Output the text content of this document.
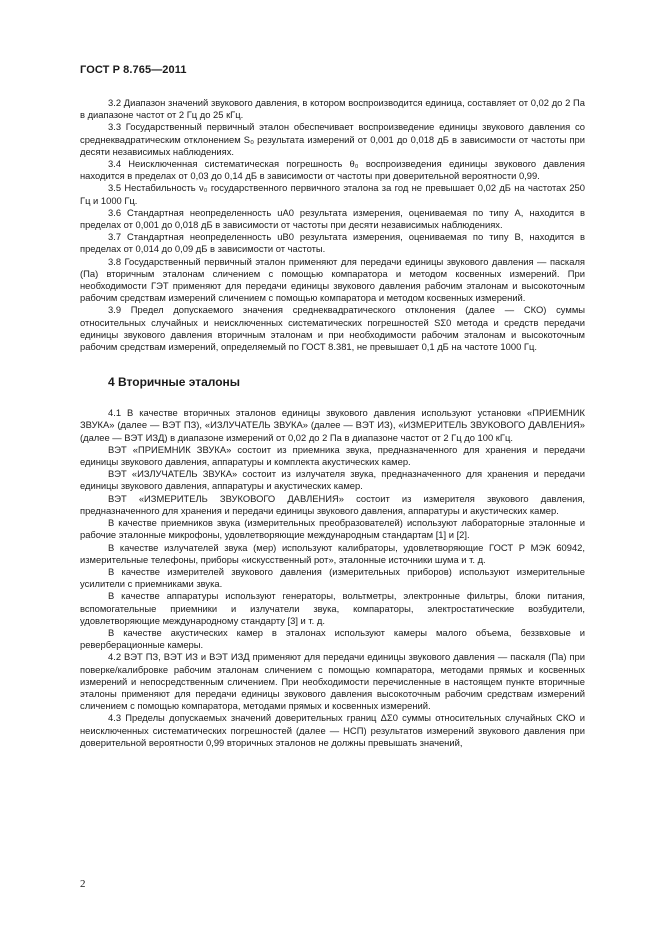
ГОСТ Р 8.765—2011

3.2 Диапазон значений звукового давления, в котором воспроизводится единица, составляет от 0,02 до 2 Па в диапазоне частот от 2 Гц до 25 кГц.

3.3 Государственный первичный эталон обеспечивает воспроизведение единицы звукового давления со среднеквадратическим отклонением S₀ результата измерений от 0,001 до 0,018 дБ в зависимости от частоты при десяти независимых наблюдениях.

3.4 Неисключенная систематическая погрешность θ₀ воспроизведения единицы звукового давления находится в пределах от 0,03 до 0,14 дБ в зависимости от частоты при доверительной вероятности 0,99.

3.5 Нестабильность ν₀ государственного первичного эталона за год не превышает 0,02 дБ на частотах 250 Гц и 1000 Гц.

3.6 Стандартная неопределенность uA0 результата измерения, оцениваемая по типу А, находится в пределах от 0,001 до 0,018 дБ в зависимости от частоты при десяти независимых наблюдениях.

3.7 Стандартная неопределенность uB0 результата измерения, оцениваемая по типу В, находится в пределах от 0,014 до 0,09 дБ в зависимости от частоты.

3.8 Государственный первичный эталон применяют для передачи единицы звукового давления — паскаля (Па) вторичным эталонам сличением с помощью компаратора и методом косвенных измерений. При необходимости ГЭТ применяют для передачи единицы звукового давления рабочим эталонам и высокоточным рабочим средствам измерений сличением с помощью компаратора и методом косвенных измерений.

3.9 Предел допускаемого значения среднеквадратического отклонения (далее — СКО) суммы относительных случайных и неисключенных систематических погрешностей SΣ0 метода и средств передачи единицы звукового давления вторичным эталонам и при необходимости рабочим эталонам и высокоточным рабочим средствам измерений, определяемый по ГОСТ 8.381, не превышает 0,1 дБ на частоте 1000 Гц.

4 Вторичные эталоны

4.1 В качестве вторичных эталонов единицы звукового давления используют установки «ПРИЕМНИК ЗВУКА» (далее — ВЭТ ПЗ), «ИЗЛУЧАТЕЛЬ ЗВУКА» (далее — ВЭТ ИЗ), «ИЗМЕРИТЕЛЬ ЗВУКОВОГО ДАВЛЕНИЯ» (далее — ВЭТ ИЗД) в диапазоне измерений от 0,02 до 2 Па в диапазоне частот от 2 Гц до 100 кГц.

ВЭТ «ПРИЕМНИК ЗВУКА» состоит из приемника звука, предназначенного для хранения и передачи единицы звукового давления, аппаратуры и комплекта акустических камер.

ВЭТ «ИЗЛУЧАТЕЛЬ ЗВУКА» состоит из излучателя звука, предназначенного для хранения и передачи единицы звукового давления, аппаратуры и акустических камер.

ВЭТ «ИЗМЕРИТЕЛЬ ЗВУКОВОГО ДАВЛЕНИЯ» состоит из измерителя звукового давления, предназначенного для хранения и передачи единицы звукового давления, аппаратуры и акустических камер.

В качестве приемников звука (измерительных преобразователей) используют лабораторные эталонные и рабочие эталонные микрофоны, удовлетворяющие международным стандартам [1] и [2].

В качестве излучателей звука (мер) используют калибраторы, удовлетворяющие ГОСТ Р МЭК 60942, измерительные телефоны, приборы «искусственный рот», эталонные источники шума и т. д.

В качестве измерителей звукового давления (измерительных приборов) используют измерительные усилители с приемниками звука.

В качестве аппаратуры используют генераторы, вольтметры, электронные фильтры, блоки питания, вспомогательные приемники и излучатели звука, компараторы, электростатические возбудители, удовлетворяющие международному стандарту [3] и т. д.

В качестве акустических камер в эталонах используют камеры малого объема, беззвховые и реверберационные камеры.

4.2 ВЭТ ПЗ, ВЭТ ИЗ и ВЭТ ИЗД применяют для передачи единицы звукового давления — паскаля (Па) при поверке/калибровке рабочим эталонам сличением с помощью компаратора, методами прямых и косвенных измерений и непосредственным сличением. При необходимости перечисленные в настоящем пункте вторичные эталоны применяют для передачи единицы звукового давления высокоточным рабочим средствам измерений сличением с помощью компаратора, методами прямых и косвенных измерений.

4.3 Пределы допускаемых значений доверительных границ ΔΣ0 суммы относительных случайных СКО и неисключенных систематических погрешностей (далее — НСП) результатов измерений звукового давления при доверительной вероятности 0,99 вторичных эталонов не должны превышать значений,

2
